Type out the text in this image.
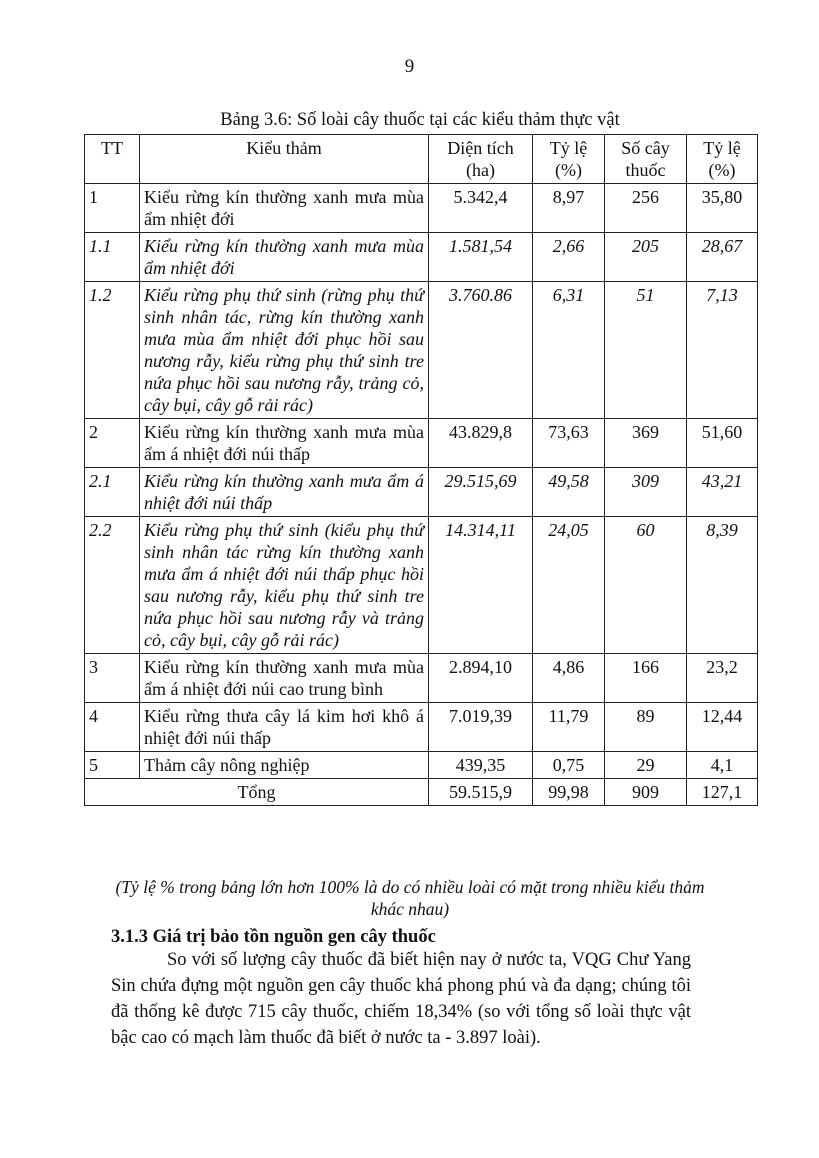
9
Bảng 3.6: Số loài cây thuốc tại các kiểu thảm thực vật
TT	Kiểu thảm	Diện tích (ha)	Tỷ lệ (%)	Số cây thuốc	Tỷ lệ (%)
1	Kiểu rừng kín thường xanh mưa mùa ẩm nhiệt đới	5.342,4	8,97	256	35,80
1.1	Kiểu rừng kín thường xanh mưa mùa ẩm nhiệt đới	1.581,54	2,66	205	28,67
1.2	Kiểu rừng phụ thứ sinh (rừng phụ thứ sinh nhân tác, rừng kín thường xanh mưa mùa ẩm nhiệt đới phục hồi sau nương rẫy, kiểu rừng phụ thứ sinh tre nứa phục hồi sau nương rẫy, trảng cỏ, cây bụi, cây gỗ rải rác)	3.760.86	6,31	51	7,13
2	Kiểu rừng kín thường xanh mưa mùa ẩm á nhiệt đới núi thấp	43.829,8	73,63	369	51,60
2.1	Kiểu rừng kín thường xanh mưa ẩm á nhiệt đới núi thấp	29.515,69	49,58	309	43,21
2.2	Kiểu rừng phụ thứ sinh (kiểu phụ thứ sinh nhân tác rừng kín thường xanh mưa ẩm á nhiệt đới núi thấp phục hồi sau nương rẫy, kiểu phụ thứ sinh tre nứa phục hồi sau nương rẫy và trảng cỏ, cây bụi, cây gỗ rải rác)	14.314,11	24,05	60	8,39
3	Kiểu rừng kín thường xanh mưa mùa ẩm á nhiệt đới núi cao trung bình	2.894,10	4,86	166	23,2
4	Kiểu rừng thưa cây lá kim hơi khô á nhiệt đới núi thấp	7.019,39	11,79	89	12,44
5	Thảm cây nông nghiệp	439,35	0,75	29	4,1
Tổng		59.515,9	99,98	909	127,1
(Tỷ lệ % trong bảng lớn hơn 100% là do có nhiều loài có mặt trong nhiều kiểu thảm khác nhau)
3.1.3 Giá trị bảo tồn nguồn gen cây thuốc
So với số lượng cây thuốc đã biết hiện nay ở nước ta, VQG Chư Yang Sin chứa đựng một nguồn gen cây thuốc khá phong phú và đa dạng; chúng tôi đã thống kê được 715 cây thuốc, chiếm 18,34% (so với tổng số loài thực vật bậc cao có mạch làm thuốc đã biết ở nước ta - 3.897 loài).
